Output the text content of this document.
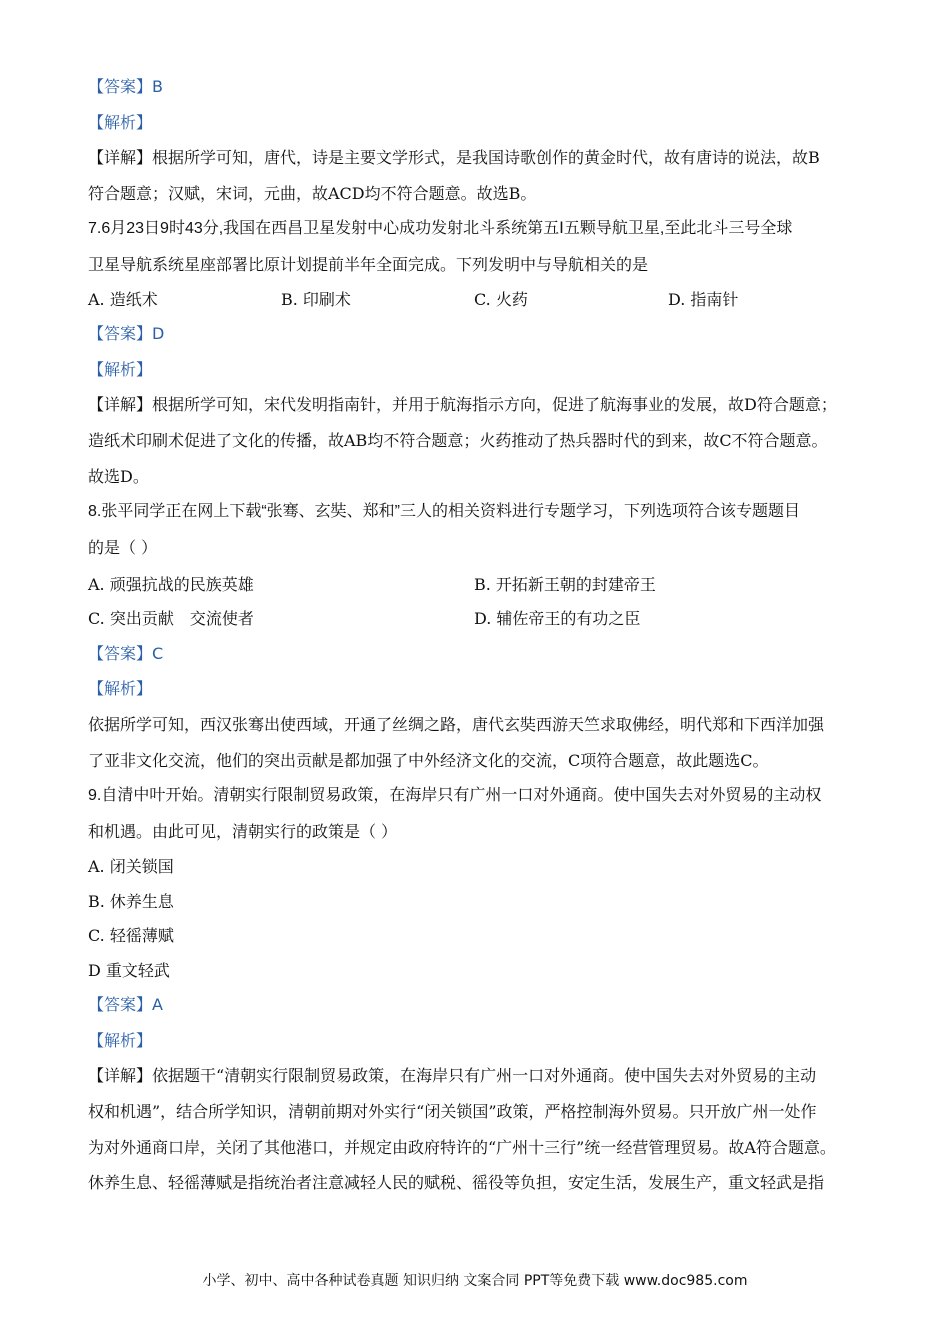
【答案】B
【解析】
【详解】根据所学可知，唐代，诗是主要文学形式，是我国诗歌创作的黄金时代，故有唐诗的说法，故B
符合题意；汉赋，宋词，元曲，故ACD均不符合题意。故选B。
7.6月23日9时43分,我国在西昌卫星发射中心成功发射北斗系统第五Ⅰ五颗导航卫星,至此北斗三号全球
卫星导航系统星座部署比原计划提前半年全面完成。下列发明中与导航相关的是
A. 造纸术	B. 印刷术	C. 火药	D. 指南针
【答案】D
【解析】
【详解】根据所学可知，宋代发明指南针，并用于航海指示方向，促进了航海事业的发展，故D符合题意；
造纸术印刷术促进了文化的传播，故AB均不符合题意；火药推动了热兵器时代的到来，故C不符合题意。
故选D。
8.张平同学正在网上下载“张骞、玄奘、郑和”三人的相关资料进行专题学习，下列选项符合该专题题目
的是（ ）
A. 顽强抗战的民族英雄	B. 开拓新王朝的封建帝王
C. 突出贡献　交流使者	D. 辅佐帝王的有功之臣
【答案】C
【解析】
依据所学可知，西汉张骞出使西域，开通了丝绸之路，唐代玄奘西游天竺求取佛经，明代郑和下西洋加强
了亚非文化交流，他们的突出贡献是都加强了中外经济文化的交流，C项符合题意，故此题选C。
9.自清中叶开始。清朝实行限制贸易政策，在海岸只有广州一口对外通商。使中国失去对外贸易的主动权
和机遇。由此可见，清朝实行的政策是（ ）
A. 闭关锁国
B. 休养生息
C. 轻徭薄赋
D 重文轻武
【答案】A
【解析】
【详解】依据题干“清朝实行限制贸易政策，在海岸只有广州一口对外通商。使中国失去对外贸易的主动
权和机遇”，结合所学知识，清朝前期对外实行“闭关锁国”政策，严格控制海外贸易。只开放广州一处作
为对外通商口岸，关闭了其他港口，并规定由政府特许的“广州十三行”统一经营管理贸易。故A符合题意。
休养生息、轻徭薄赋是指统治者注意减轻人民的赋税、徭役等负担，安定生活，发展生产，重文轻武是指
小学、初中、高中各种试卷真题 知识归纳 文案合同 PPT等免费下载 www.doc985.com
